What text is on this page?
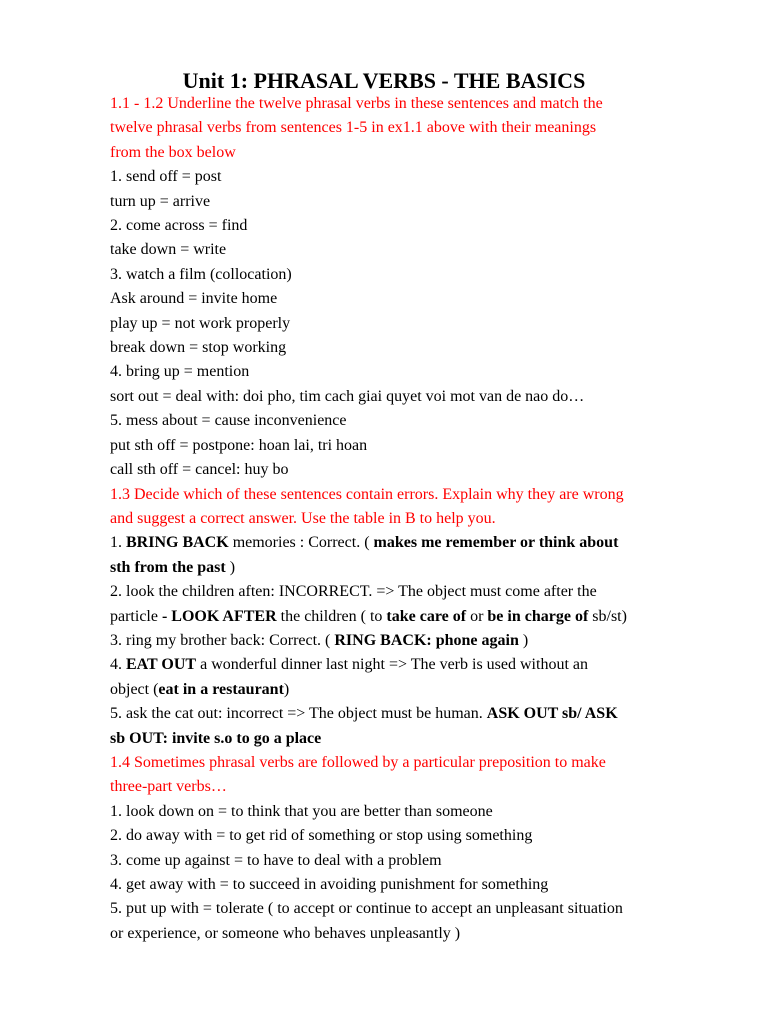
Unit 1: PHRASAL VERBS - THE BASICS
1.1 - 1.2 Underline the twelve phrasal verbs in these sentences and match the
twelve phrasal verbs from sentences 1-5 in ex1.1 above with their meanings
from the box below
1. send off = post
turn up = arrive
2. come across = find
take down = write
3. watch a film (collocation)
Ask around = invite home
play up = not work properly
break down = stop working
4. bring up = mention
sort out = deal with: doi pho, tim cach giai quyet voi mot van de nao do…
5. mess about = cause inconvenience
put sth off = postpone: hoan lai, tri hoan
call sth off = cancel: huy bo
1.3 Decide which of these sentences contain errors. Explain why they are wrong
and suggest a correct answer. Use the table in B to help you.
1. BRING BACK memories : Correct. ( makes me remember or think about
sth from the past )
2. look the children aften: INCORRECT. => The object must come after the
particle - LOOK AFTER the children ( to take care of or be in charge of sb/st)
3. ring my brother back: Correct. ( RING BACK: phone again )
4. EAT OUT a wonderful dinner last night => The verb is used without an
object (eat in a restaurant)
5. ask the cat out: incorrect => The object must be human. ASK OUT sb/ ASK
sb OUT: invite s.o to go a place
1.4 Sometimes phrasal verbs are followed by a particular preposition to make
three-part verbs…
1. look down on = to think that you are better than someone
2. do away with = to get rid of something or stop using something
3. come up against = to have to deal with a problem
4. get away with = to succeed in avoiding punishment for something
5. put up with = tolerate ( to accept or continue to accept an unpleasant situation
or experience, or someone who behaves unpleasantly )
